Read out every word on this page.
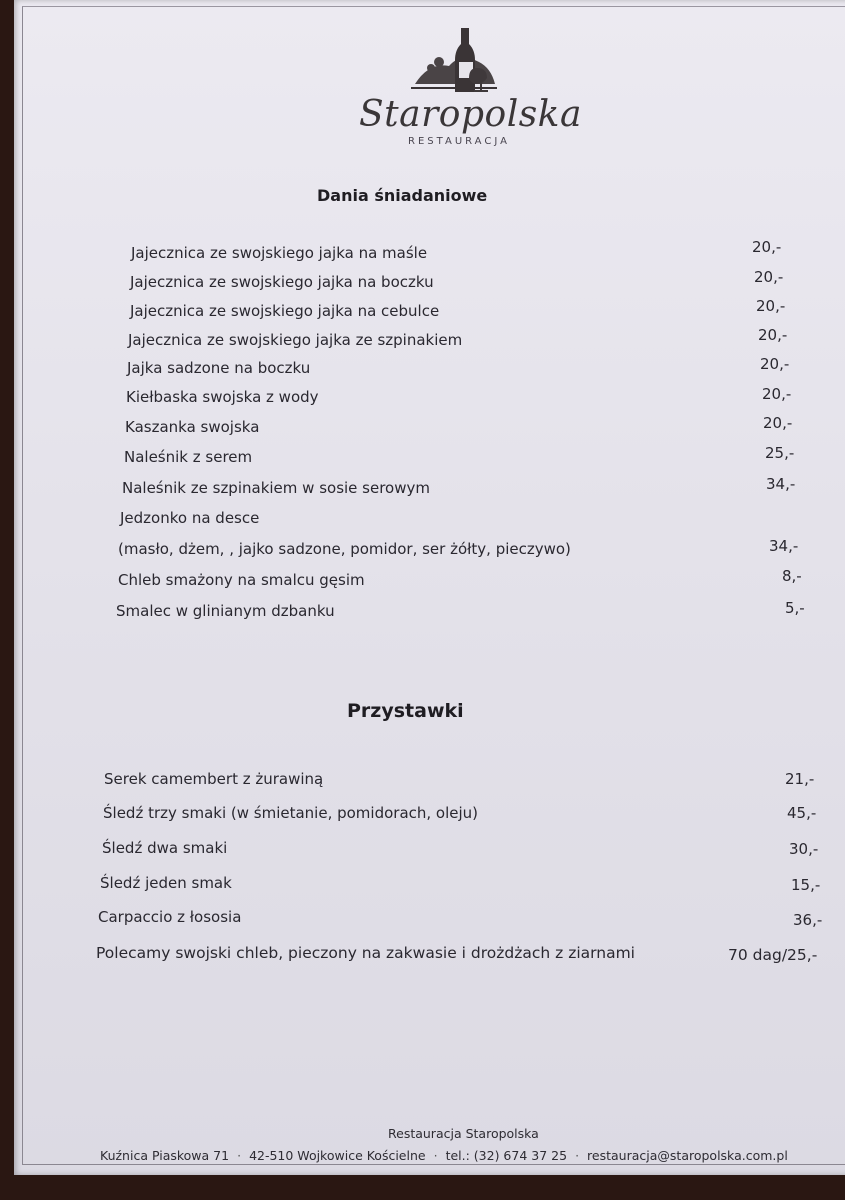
Staropolska
RESTAURACJA
Dania śniadaniowe
Jajecznica ze swojskiego jajka na maśle	20,-
Jajecznica ze swojskiego jajka na boczku	20,-
Jajecznica ze swojskiego jajka na cebulce	20,-
Jajecznica ze swojskiego jajka ze szpinakiem	20,-
Jajka sadzone na boczku	20,-
Kiełbaska swojska z wody	20,-
Kaszanka swojska	20,-
Naleśnik z serem	25,-
Naleśnik ze szpinakiem w sosie serowym	34,-
Jedzonko na desce
(masło, dżem, , jajko sadzone, pomidor, ser żółty, pieczywo)	34,-
Chleb smażony na smalcu gęsim	8,-
Smalec w glinianym dzbanku	5,-
Przystawki
Serek camembert z żurawiną	21,-
Śledź trzy smaki (w śmietanie, pomidorach, oleju)	45,-
Śledź dwa smaki	30,-
Śledź jeden smak	15,-
Carpaccio z łososia	36,-
Polecamy swojski chleb, pieczony na zakwasie i drożdżach z ziarnami	70 dag/25,-
Restauracja Staropolska
Kuźnica Piaskowa 71 · 42-510 Wojkowice Kościelne · tel.: (32) 674 37 25 · restauracja@staropolska.com.pl
